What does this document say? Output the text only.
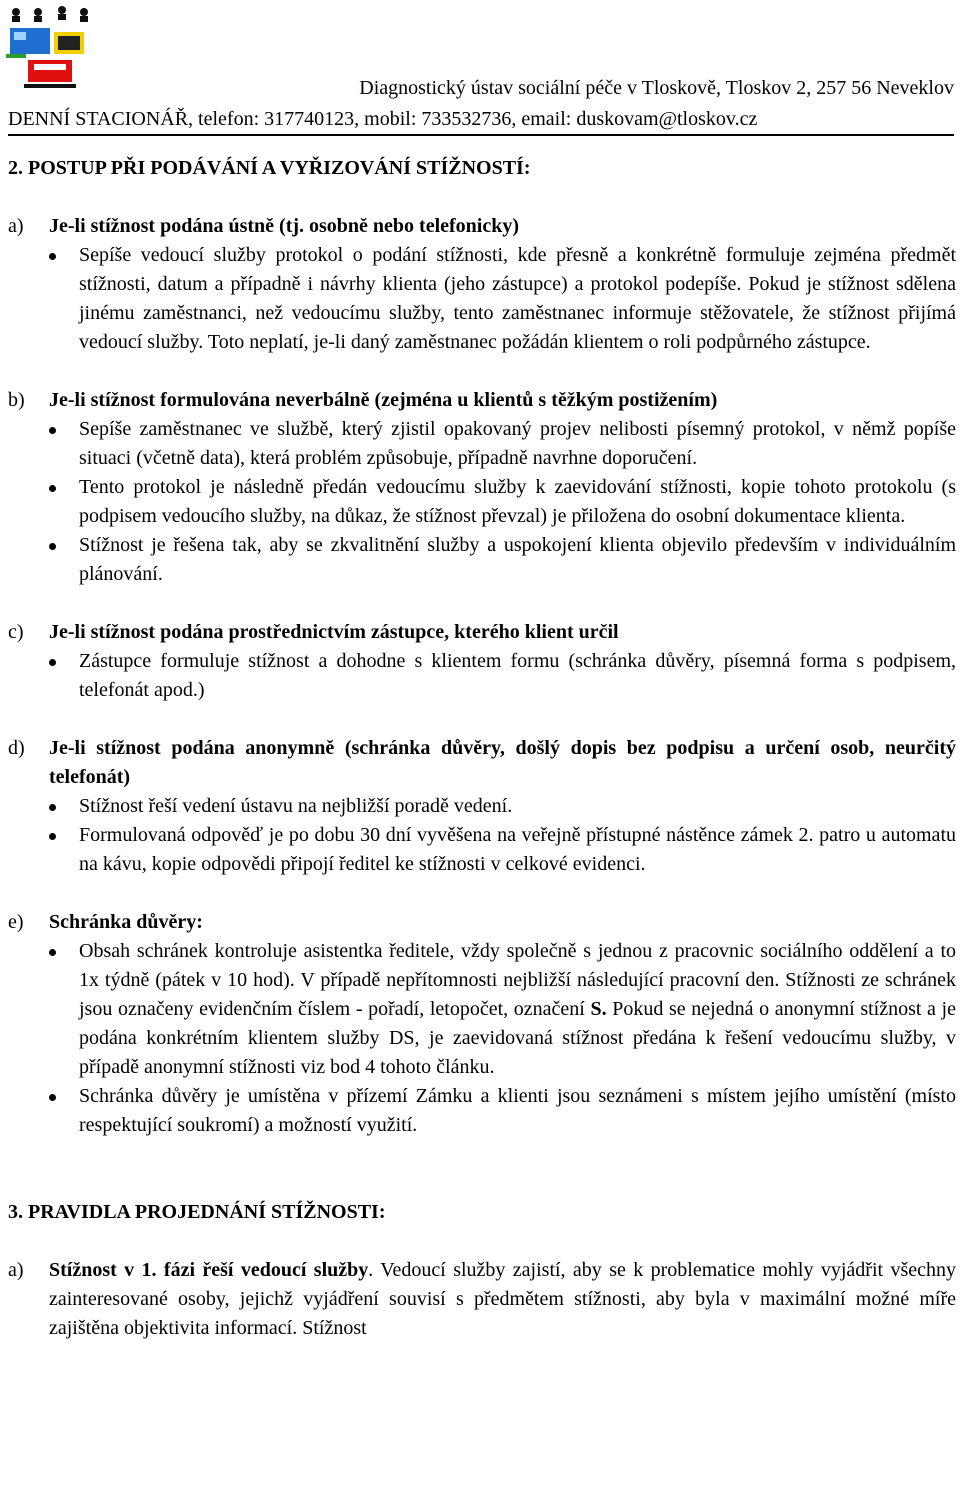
Diagnostický ústav sociální péče v Tloskově, Tloskov 2, 257 56 Neveklov
DENNÍ STACIONÁŘ, telefon: 317740123, mobil: 733532736, email: duskovam@tloskov.cz
2. POSTUP PŘI PODÁVÁNÍ A VYŘIZOVÁNÍ STÍŽNOSTÍ:
a) Je-li stížnost podána ústně (tj. osobně nebo telefonicky)
Sepíše vedoucí služby protokol o podání stížnosti, kde přesně a konkrétně formuluje zejména předmět stížnosti, datum a případně i návrhy klienta (jeho zástupce) a protokol podepíše. Pokud je stížnost sdělena jinému zaměstnanci, než vedoucímu služby, tento zaměstnanec informuje stěžovatele, že stížnost přijímá vedoucí služby. Toto neplatí, je-li daný zaměstnanec požádán klientem o roli podpůrného zástupce.
b) Je-li stížnost formulována neverbálně (zejména u klientů s těžkým postižením)
Sepíše zaměstnanec ve službě, který zjistil opakovaný projev nelibosti písemný protokol, v němž popíše situaci (včetně data), která problém způsobuje, případně navrhne doporučení.
Tento protokol je následně předán vedoucímu služby k zaevidování stížnosti, kopie tohoto protokolu (s podpisem vedoucího služby, na důkaz, že stížnost převzal) je přiložena do osobní dokumentace klienta.
Stížnost je řešena tak, aby se zkvalitnění služby a uspokojení klienta objevilo především v individuálním plánování.
c) Je-li stížnost podána prostřednictvím zástupce, kterého klient určil
Zástupce formuluje stížnost a dohodne s klientem formu (schránka důvěry, písemná forma s podpisem, telefonát apod.)
d) Je-li stížnost podána anonymně (schránka důvěry, došlý dopis bez podpisu a určení osob, neurčitý telefonát)
Stížnost řeší vedení ústavu na nejbližší poradě vedení.
Formulovaná odpověď je po dobu 30 dní vyvěšena na veřejně přístupné nástěnce zámek 2. patro u automatu na kávu, kopie odpovědi připojí ředitel ke stížnosti v celkové evidenci.
e) Schránka důvěry:
Obsah schránek kontroluje asistentka ředitele, vždy společně s jednou z pracovnic sociálního oddělení a to 1x týdně (pátek v 10 hod). V případě nepřítomnosti nejbližší následující pracovní den. Stížnosti ze schránek jsou označeny evidenčním číslem - pořadí, letopočet, označení S. Pokud se nejedná o anonymní stížnost a je podána konkrétním klientem služby DS, je zaevidovaná stížnost předána k řešení vedoucímu služby, v případě anonymní stížnosti viz bod 4 tohoto článku.
Schránka důvěry je umístěna v přízemí Zámku a klienti jsou seznámeni s místem jejího umístění (místo respektující soukromí) a možností využití.
3. PRAVIDLA PROJEDNÁNÍ STÍŽNOSTI:
a) Stížnost v 1. fázi řeší vedoucí služby. Vedoucí služby zajistí, aby se k problematice mohly vyjádřit všechny zainteresované osoby, jejichž vyjádření souvisí s předmětem stížnosti, aby byla v maximální možné míře zajištěna objektivita informací. Stížnost
